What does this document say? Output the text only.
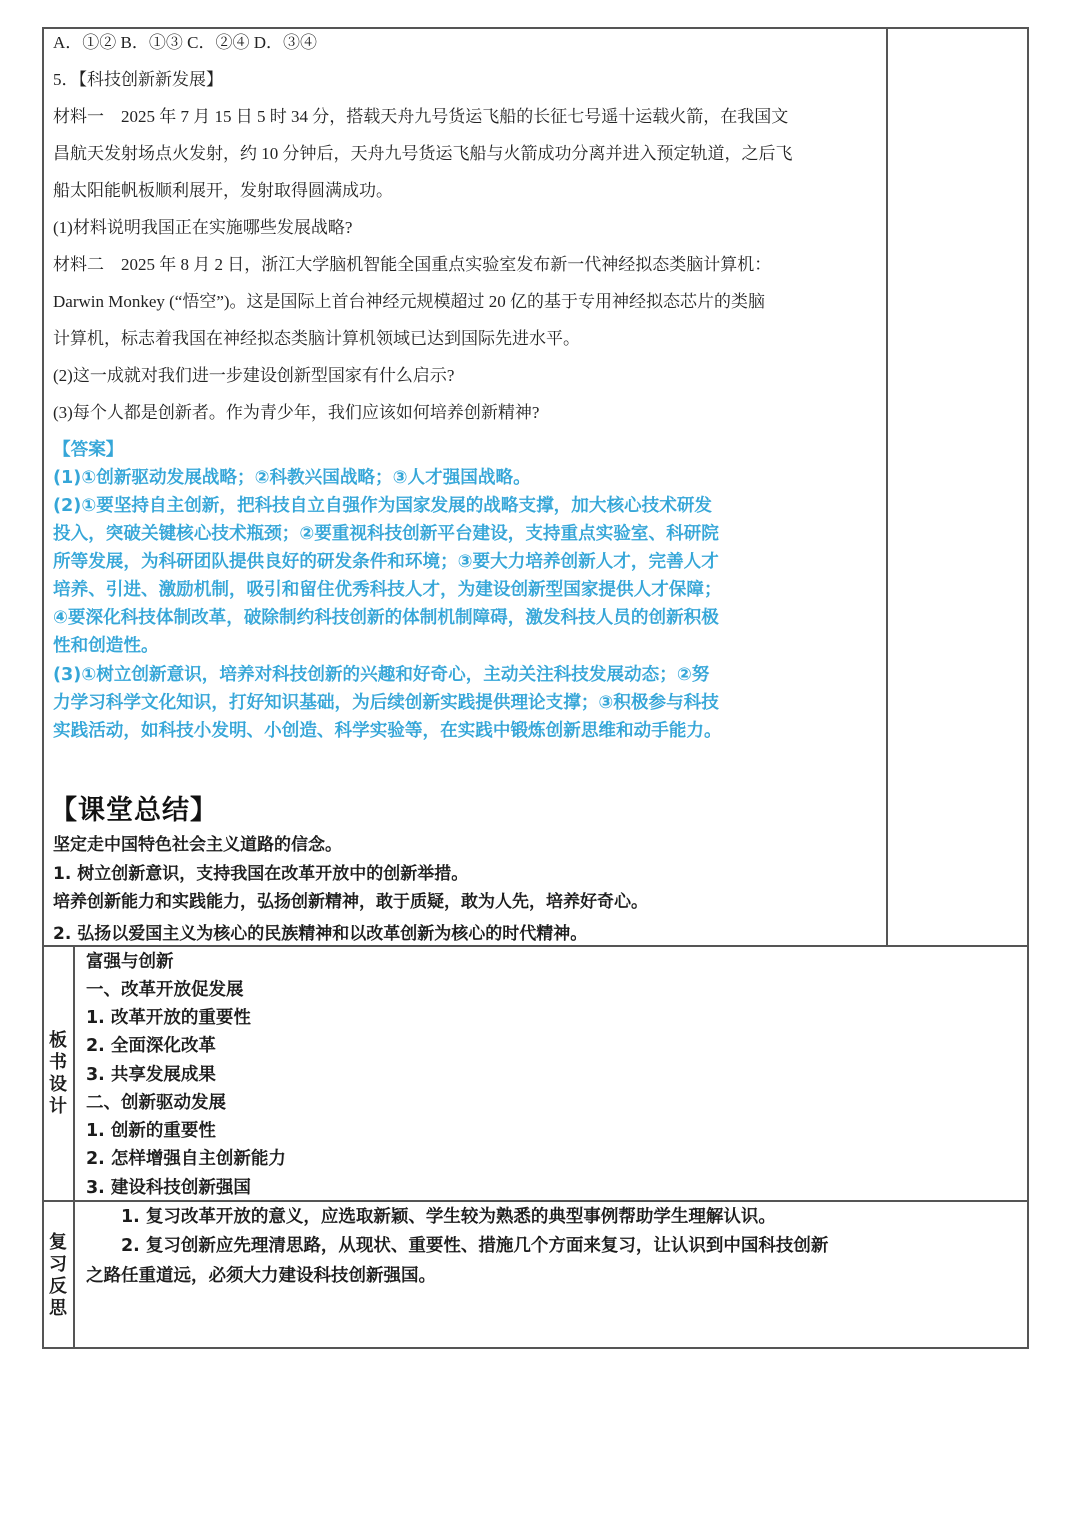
A．①② B．①③ C．②④ D．③④
5．【科技创新新发展】
材料一　2025 年 7 月 15 日 5 时 34 分，搭载天舟九号货运飞船的长征七号遥十运载火箭，在我国文
昌航天发射场点火发射，约 10 分钟后，天舟九号货运飞船与火箭成功分离并进入预定轨道，之后飞
船太阳能帆板顺利展开，发射取得圆满成功。
(1)材料说明我国正在实施哪些发展战略?
材料二　2025 年 8 月 2 日，浙江大学脑机智能全国重点实验室发布新一代神经拟态类脑计算机：
Darwin Monkey (“悟空”)。这是国际上首台神经元规模超过 20 亿的基于专用神经拟态芯片的类脑
计算机，标志着我国在神经拟态类脑计算机领域已达到国际先进水平。
(2)这一成就对我们进一步建设创新型国家有什么启示?
(3)每个人都是创新者。作为青少年，我们应该如何培养创新精神?
【答案】
(1)①创新驱动发展战略；②科教兴国战略；③人才强国战略。
(2)①要坚持自主创新，把科技自立自强作为国家发展的战略支撑，加大核心技术研发
投入，突破关键核心技术瓶颈；②要重视科技创新平台建设，支持重点实验室、科研院
所等发展，为科研团队提供良好的研发条件和环境；③要大力培养创新人才，完善人才
培养、引进、激励机制，吸引和留住优秀科技人才，为建设创新型国家提供人才保障；
④要深化科技体制改革，破除制约科技创新的体制机制障碍，激发科技人员的创新积极
性和创造性。
(3)①树立创新意识，培养对科技创新的兴趣和好奇心，主动关注科技发展动态；②努
力学习科学文化知识，打好知识基础，为后续创新实践提供理论支撑；③积极参与科技
实践活动，如科技小发明、小创造、科学实验等，在实践中锻炼创新思维和动手能力。
【课堂总结】
坚定走中国特色社会主义道路的信念。
1. 树立创新意识，支持我国在改革开放中的创新举措。
培养创新能力和实践能力，弘扬创新精神，敢于质疑，敢为人先，培养好奇心。
2. 弘扬以爱国主义为核心的民族精神和以改革创新为核心的时代精神。
板书设计
富强与创新
一、改革开放促发展
1. 改革开放的重要性
2. 全面深化改革
3. 共享发展成果
二、创新驱动发展
1. 创新的重要性
2. 怎样增强自主创新能力
3. 建设科技创新强国
复习反思
　　1. 复习改革开放的意义，应选取新颖、学生较为熟悉的典型事例帮助学生理解认识。
　　2. 复习创新应先理清思路，从现状、重要性、措施几个方面来复习，让认识到中国科技创新
之路任重道远，必须大力建设科技创新强国。
